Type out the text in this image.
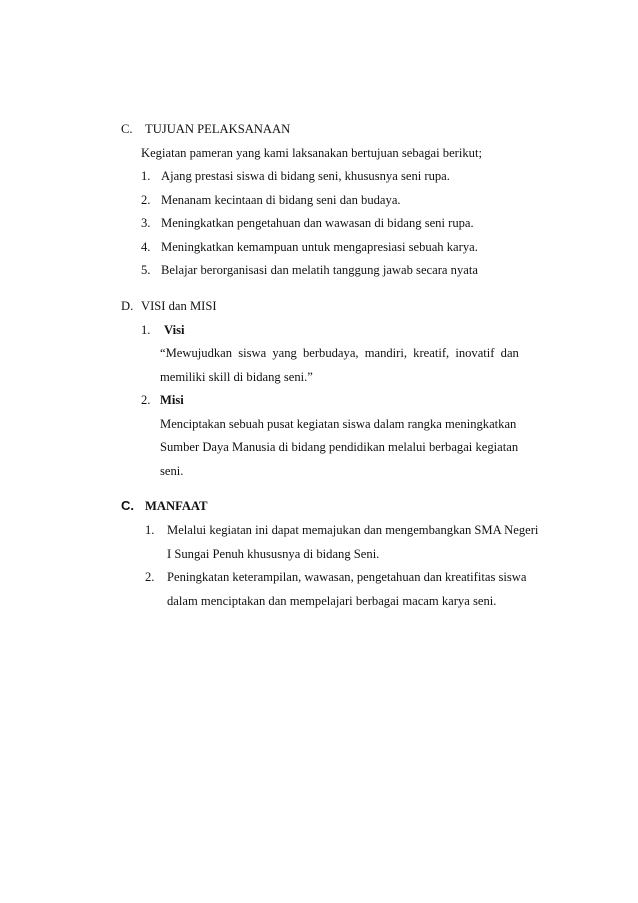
C. TUJUAN PELAKSANAAN
Kegiatan pameran yang kami laksanakan bertujuan sebagai berikut;
1. Ajang prestasi siswa di bidang seni, khususnya seni rupa.
2. Menanam kecintaan di bidang seni dan budaya.
3. Meningkatkan pengetahuan dan wawasan di bidang seni rupa.
4. Meningkatkan kemampuan untuk mengapresiasi sebuah karya.
5. Belajar berorganisasi dan melatih tanggung jawab secara nyata
D. VISI dan MISI
1. Visi
“Mewujudkan siswa yang berbudaya, mandiri, kreatif, inovatif dan
memiliki skill di bidang seni.”
2. Misi
Menciptakan sebuah pusat kegiatan siswa dalam rangka meningkatkan
Sumber Daya Manusia di bidang pendidikan melalui berbagai kegiatan
seni.
C. MANFAAT
1. Melalui kegiatan ini dapat memajukan dan mengembangkan SMA Negeri
I Sungai Penuh khususnya di bidang Seni.
2. Peningkatan keterampilan, wawasan, pengetahuan dan kreatifitas siswa
dalam menciptakan dan mempelajari berbagai macam karya seni.
